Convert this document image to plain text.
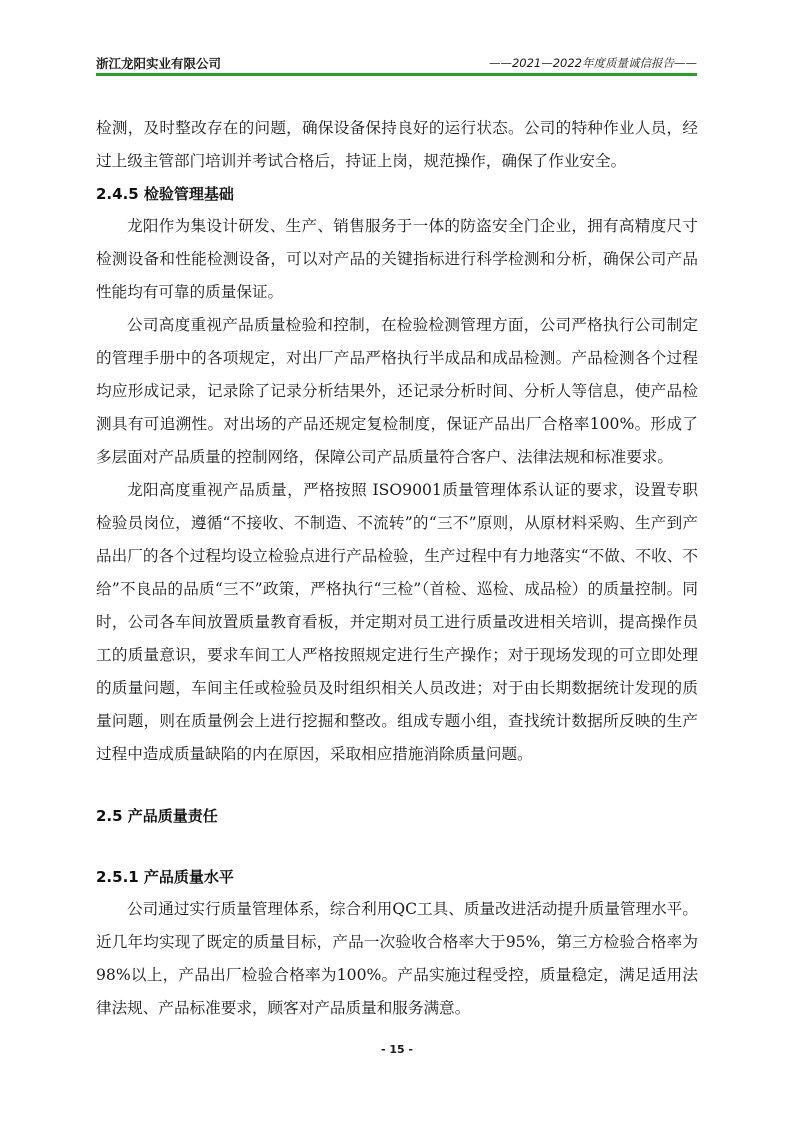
浙江龙阳实业有限公司	——2021—2022年度质量诚信报告——

检测，及时整改存在的问题，确保设备保持良好的运行状态。公司的特种作业人员，经过上级主管部门培训并考试合格后，持证上岗，规范操作，确保了作业安全。

2.4.5 检验管理基础

龙阳作为集设计研发、生产、销售服务于一体的防盗安全门企业，拥有高精度尺寸检测设备和性能检测设备，可以对产品的关键指标进行科学检测和分析，确保公司产品性能均有可靠的质量保证。

公司高度重视产品质量检验和控制，在检验检测管理方面，公司严格执行公司制定的管理手册中的各项规定，对出厂产品严格执行半成品和成品检测。产品检测各个过程均应形成记录，记录除了记录分析结果外，还记录分析时间、分析人等信息，使产品检测具有可追溯性。对出场的产品还规定复检制度，保证产品出厂合格率100%。形成了多层面对产品质量的控制网络，保障公司产品质量符合客户、法律法规和标准要求。

龙阳高度重视产品质量，严格按照 ISO9001质量管理体系认证的要求，设置专职检验员岗位，遵循“不接收、不制造、不流转”的“三不”原则，从原材料采购、生产到产品出厂的各个过程均设立检验点进行产品检验，生产过程中有力地落实“不做、不收、不给”不良品的品质“三不”政策，严格执行“三检”（首检、巡检、成品检）的质量控制。同时，公司各车间放置质量教育看板，并定期对员工进行质量改进相关培训，提高操作员工的质量意识，要求车间工人严格按照规定进行生产操作；对于现场发现的可立即处理的质量问题，车间主任或检验员及时组织相关人员改进；对于由长期数据统计发现的质量问题，则在质量例会上进行挖掘和整改。组成专题小组，查找统计数据所反映的生产过程中造成质量缺陷的内在原因，采取相应措施消除质量问题。

2.5 产品质量责任
2.5.1 产品质量水平

公司通过实行质量管理体系，综合利用QC工具、质量改进活动提升质量管理水平。近几年均实现了既定的质量目标，产品一次验收合格率大于95%，第三方检验合格率为98%以上，产品出厂检验合格率为100%。产品实施过程受控，质量稳定，满足适用法律法规、产品标准要求，顾客对产品质量和服务满意。

- 15 -
